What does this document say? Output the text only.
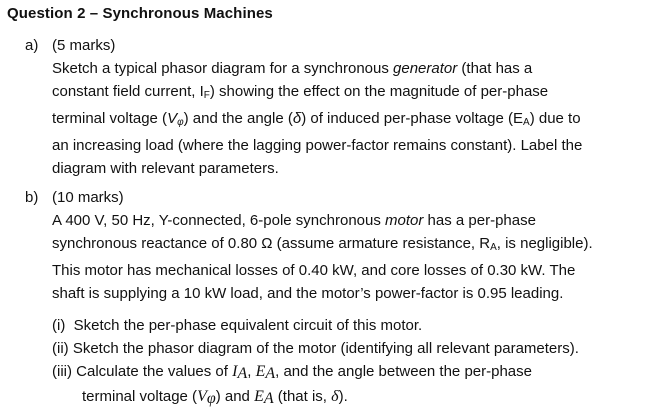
Question 2 – Synchronous Machines
a) (5 marks)
Sketch a typical phasor diagram for a synchronous generator (that has a
constant field current, $I_F$) showing the effect on the magnitude of per-phase
terminal voltage $(V_\varphi)$ and the angle (δ) of induced per-phase voltage $(E_A)$ due to
an increasing load (where the lagging power-factor remains constant). Label the
diagram with relevant parameters.
b) (10 marks)
A 400 V, 50 Hz, Y-connected, 6-pole synchronous motor has a per-phase
synchronous reactance of 0.80 Ω (assume armature resistance, $R_A$, is negligible).
This motor has mechanical losses of 0.40 kW, and core losses of 0.30 kW. The
shaft is supplying a 10 kW load, and the motor’s power-factor is 0.95 leading.
(i) Sketch the per-phase equivalent circuit of this motor.
(ii) Sketch the phasor diagram of the motor (identifying all relevant parameters).
(iii) Calculate the values of IA, EA, and the angle between the per-phase
terminal voltage (Vφ) and EA (that is, δ).
